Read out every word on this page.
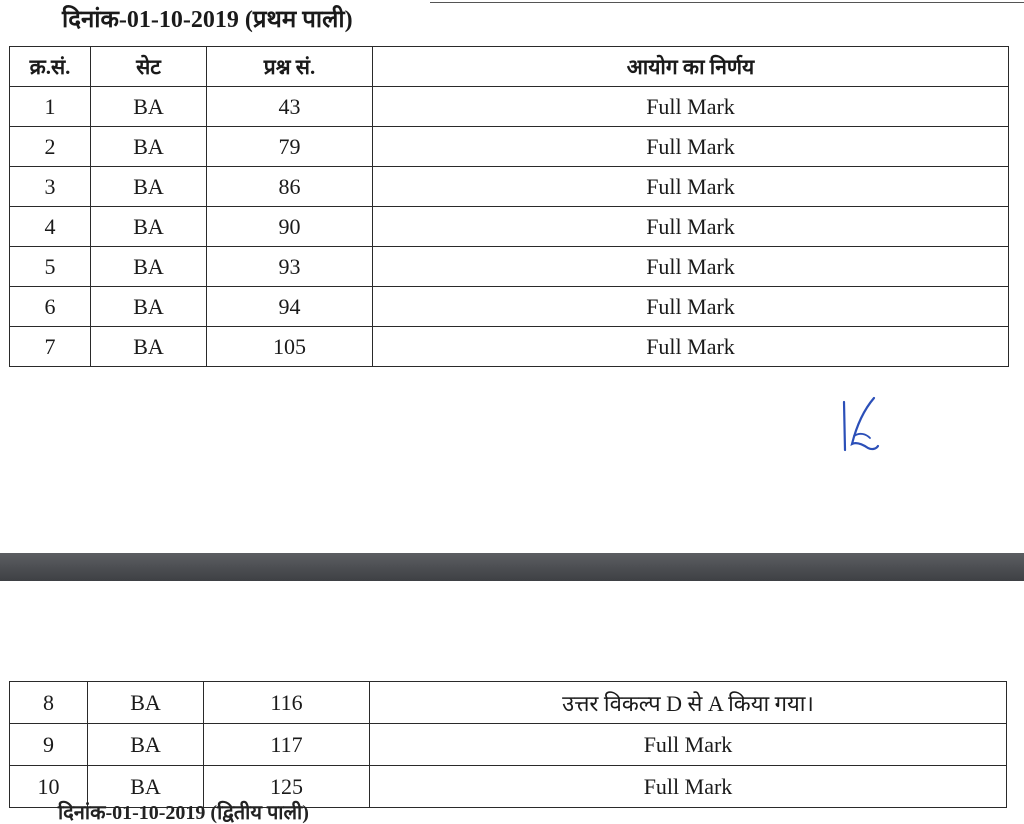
दिनांक-01-10-2019 (प्रथम पाली)
क्र.सं.	सेट	प्रश्न सं.	आयोग का निर्णय
1	BA	43	Full Mark
2	BA	79	Full Mark
3	BA	86	Full Mark
4	BA	90	Full Mark
5	BA	93	Full Mark
6	BA	94	Full Mark
7	BA	105	Full Mark
8	BA	116	उत्तर विकल्प D से A किया गया।
9	BA	117	Full Mark
10	BA	125	Full Mark
दिनांक-01-10-2019 (द्वितीय पाली)
